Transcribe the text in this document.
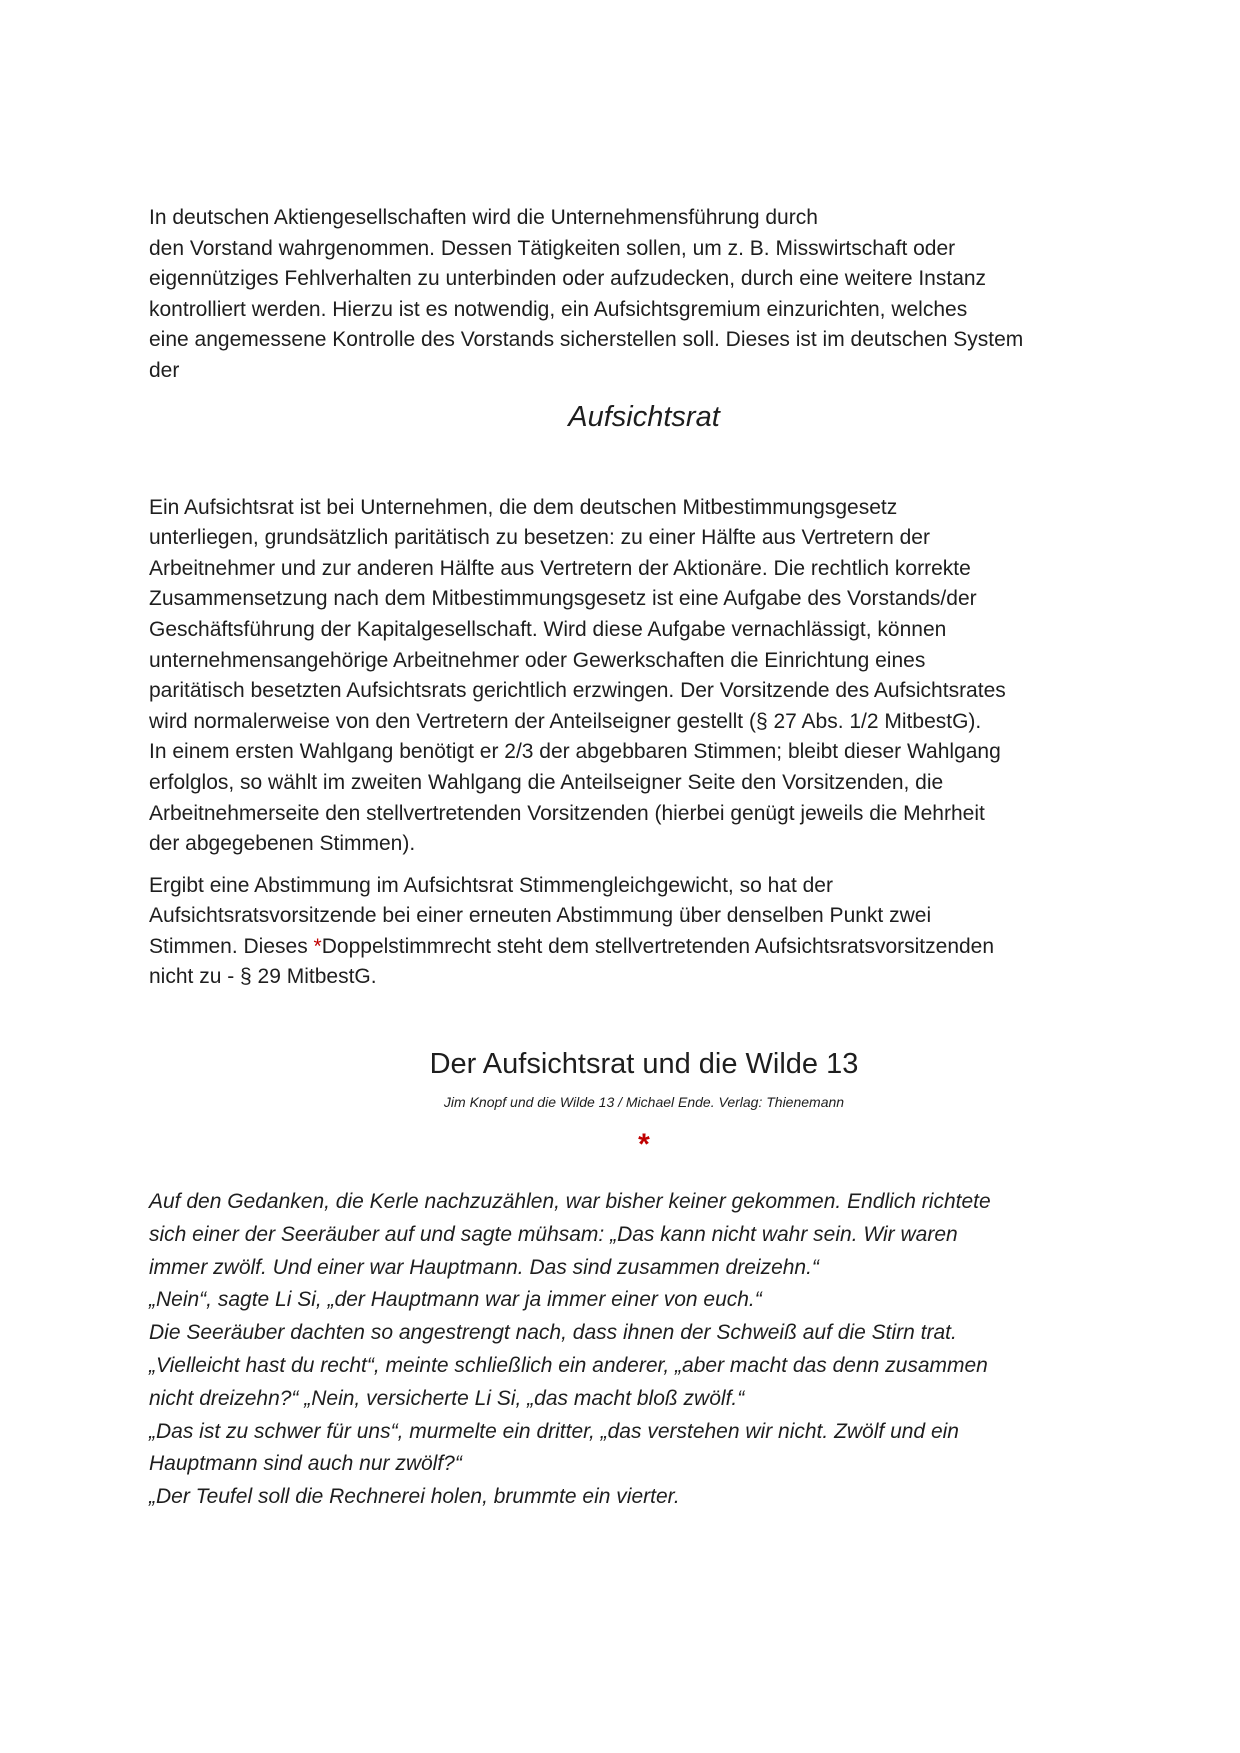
In deutschen Aktiengesellschaften wird die Unternehmensführung durch
den Vorstand wahrgenommen. Dessen Tätigkeiten sollen, um z. B. Misswirtschaft oder
eigennütziges Fehlverhalten zu unterbinden oder aufzudecken, durch eine weitere Instanz
kontrolliert werden. Hierzu ist es notwendig, ein Aufsichtsgremium einzurichten, welches
eine angemessene Kontrolle des Vorstands sicherstellen soll. Dieses ist im deutschen System
der

Aufsichtsrat

Ein Aufsichtsrat ist bei Unternehmen, die dem deutschen Mitbestimmungsgesetz
unterliegen, grundsätzlich paritätisch zu besetzen: zu einer Hälfte aus Vertretern der
Arbeitnehmer und zur anderen Hälfte aus Vertretern der Aktionäre. Die rechtlich korrekte
Zusammensetzung nach dem Mitbestimmungsgesetz ist eine Aufgabe des Vorstands/der
Geschäftsführung der Kapitalgesellschaft. Wird diese Aufgabe vernachlässigt, können
unternehmensangehörige Arbeitnehmer oder Gewerkschaften die Einrichtung eines
paritätisch besetzten Aufsichtsrats gerichtlich erzwingen. Der Vorsitzende des Aufsichtsrates
wird normalerweise von den Vertretern der Anteilseigner gestellt (§ 27 Abs. 1/2 MitbestG).
In einem ersten Wahlgang benötigt er 2/3 der abgebbaren Stimmen; bleibt dieser Wahlgang
erfolglos, so wählt im zweiten Wahlgang die Anteilseigner Seite den Vorsitzenden, die
Arbeitnehmerseite den stellvertretenden Vorsitzenden (hierbei genügt jeweils die Mehrheit
der abgegebenen Stimmen).

Ergibt eine Abstimmung im Aufsichtsrat Stimmengleichgewicht, so hat der
Aufsichtsratsvorsitzende bei einer erneuten Abstimmung über denselben Punkt zwei
Stimmen. Dieses *Doppelstimmrecht steht dem stellvertretenden Aufsichtsratsvorsitzenden
nicht zu - § 29 MitbestG.

Der Aufsichtsrat und die Wilde 13
Jim Knopf und die Wilde 13 / Michael Ende. Verlag: Thienemann
*

Auf den Gedanken, die Kerle nachzuzählen, war bisher keiner gekommen. Endlich richtete
sich einer der Seeräuber auf und sagte mühsam: „Das kann nicht wahr sein. Wir waren
immer zwölf. Und einer war Hauptmann. Das sind zusammen dreizehn.“
„Nein“, sagte Li Si, „der Hauptmann war ja immer einer von euch.“
Die Seeräuber dachten so angestrengt nach, dass ihnen der Schweiß auf die Stirn trat.
„Vielleicht hast du recht“, meinte schließlich ein anderer, „aber macht das denn zusammen
nicht dreizehn?“ „Nein, versicherte Li Si, „das macht bloß zwölf.“
„Das ist zu schwer für uns“, murmelte ein dritter, „das verstehen wir nicht. Zwölf und ein
Hauptmann sind auch nur zwölf?“
„Der Teufel soll die Rechnerei holen, brummte ein vierter.
